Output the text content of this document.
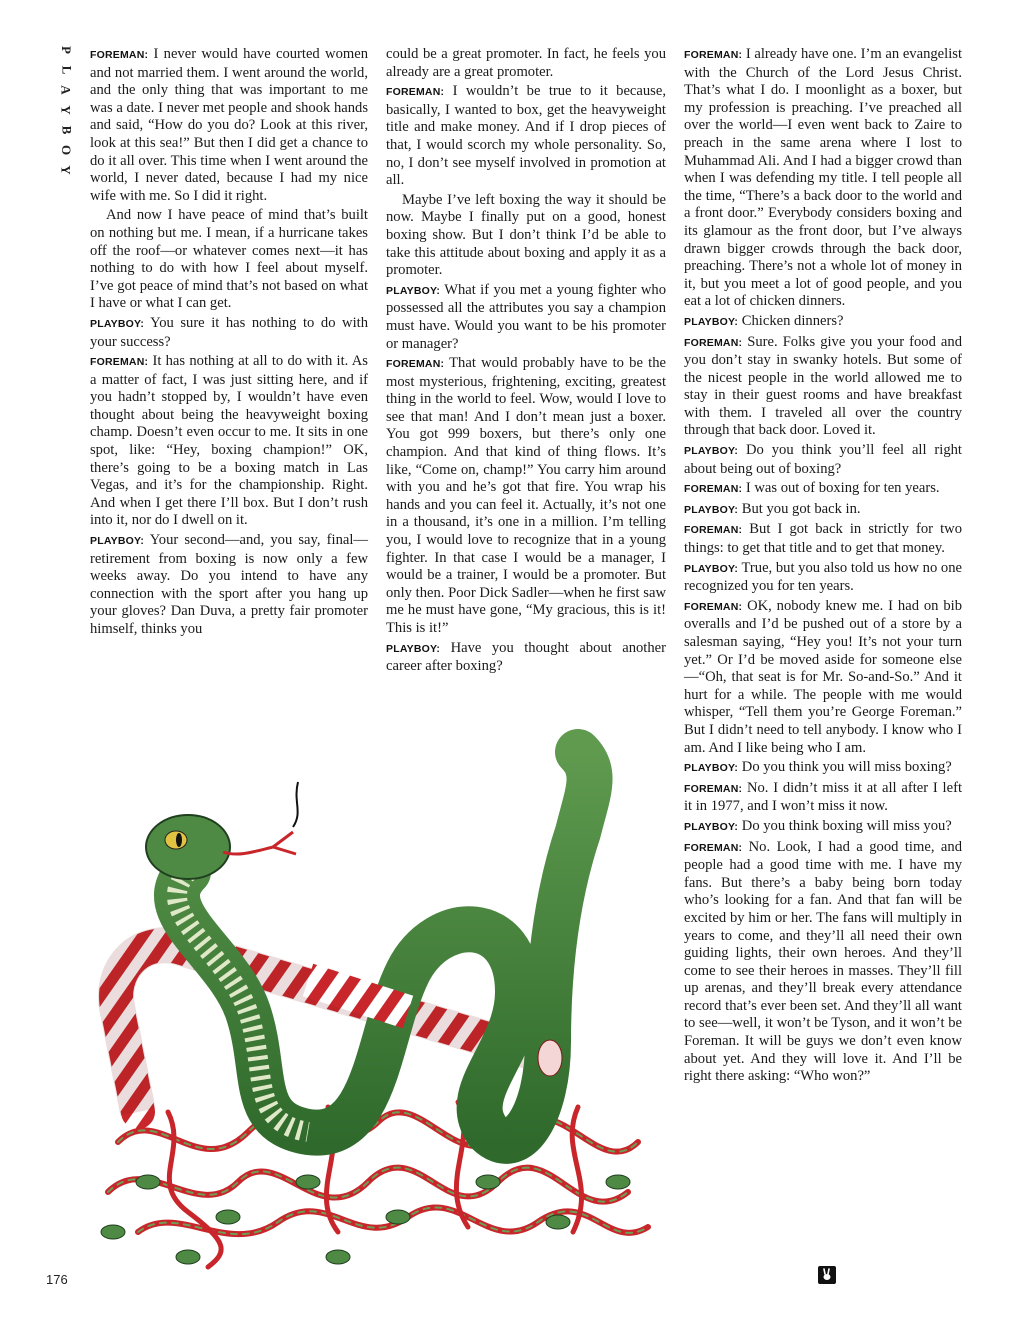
P
L
A
Y
B
O
Y

FOREMAN: I never would have courted women and not married them. I went around the world, and the only thing that was important to me was a date. I never met people and shook hands and said, “How do you do? Look at this river, look at this sea!” But then I did get a chance to do it all over. This time when I went around the world, I never dated, because I had my nice wife with me. So I did it right.

And now I have peace of mind that’s built on nothing but me. I mean, if a hurricane takes off the roof—or whatever comes next—it has nothing to do with how I feel about myself. I’ve got peace of mind that’s not based on what I have or what I can get.

PLAYBOY: You sure it has nothing to do with your success?

FOREMAN: It has nothing at all to do with it. As a matter of fact, I was just sitting here, and if you hadn’t stopped by, I wouldn’t have even thought about being the heavyweight boxing champ. Doesn’t even occur to me. It sits in one spot, like: “Hey, boxing champion!” OK, there’s going to be a boxing match in Las Vegas, and it’s for the championship. Right. And when I get there I’ll box. But I don’t rush into it, nor do I dwell on it.

PLAYBOY: Your second—and, you say, final—retirement from boxing is now only a few weeks away. Do you intend to have any connection with the sport after you hang up your gloves? Dan Duva, a pretty fair promoter himself, thinks you

could be a great promoter. In fact, he feels you already are a great promoter.

FOREMAN: I wouldn’t be true to it because, basically, I wanted to box, get the heavyweight title and make money. And if I drop pieces of that, I would scorch my whole personality. So, no, I don’t see myself involved in promotion at all.

Maybe I’ve left boxing the way it should be now. Maybe I finally put on a good, honest boxing show. But I don’t think I’d be able to take this attitude about boxing and apply it as a promoter.

PLAYBOY: What if you met a young fighter who possessed all the attributes you say a champion must have. Would you want to be his promoter or manager?

FOREMAN: That would probably have to be the most mysterious, frightening, exciting, greatest thing in the world to feel. Wow, would I love to see that man! And I don’t mean just a boxer. You got 999 boxers, but there’s only one champion. And that kind of thing flows. It’s like, “Come on, champ!” You carry him around with you and he’s got that fire. You wrap his hands and you can feel it. Actually, it’s not one in a thousand, it’s one in a million. I’m telling you, I would love to recognize that in a young fighter. In that case I would be a manager, I would be a trainer, I would be a promoter. But only then. Poor Dick Sadler—when he first saw me he must have gone, “My gracious, this is it! This is it!”

PLAYBOY: Have you thought about another career after boxing?

FOREMAN: I already have one. I’m an evangelist with the Church of the Lord Jesus Christ. That’s what I do. I moonlight as a boxer, but my profession is preaching. I’ve preached all over the world—I even went back to Zaire to preach in the same arena where I lost to Muhammad Ali. And I had a bigger crowd than when I was defending my title. I tell people all the time, “There’s a back door to the world and a front door.” Everybody considers boxing and its glamour as the front door, but I’ve always drawn bigger crowds through the back door, preaching. There’s not a whole lot of money in it, but you meet a lot of good people, and you eat a lot of chicken dinners.

PLAYBOY: Chicken dinners?

FOREMAN: Sure. Folks give you your food and you don’t stay in swanky hotels. But some of the nicest people in the world allowed me to stay in their guest rooms and have breakfast with them. I traveled all over the country through that back door. Loved it.

PLAYBOY: Do you think you’ll feel all right about being out of boxing?

FOREMAN: I was out of boxing for ten years.

PLAYBOY: But you got back in.

FOREMAN: But I got back in strictly for two things: to get that title and to get that money.

PLAYBOY: True, but you also told us how no one recognized you for ten years.

FOREMAN: OK, nobody knew me. I had on bib overalls and I’d be pushed out of a store by a salesman saying, “Hey you! It’s not your turn yet.” Or I’d be moved aside for someone else—“Oh, that seat is for Mr. So-and-So.” And it hurt for a while. The people with me would whisper, “Tell them you’re George Foreman.” But I didn’t need to tell anybody. I know who I am. And I like being who I am.

PLAYBOY: Do you think you will miss boxing?

FOREMAN: No. I didn’t miss it at all after I left it in 1977, and I won’t miss it now.

PLAYBOY: Do you think boxing will miss you?

FOREMAN: No. Look, I had a good time, and people had a good time with me. I have my fans. But there’s a baby being born today who’s looking for a fan. And that fan will be excited by him or her. The fans will multiply in years to come, and they’ll all need their own guiding lights, their own heroes. And they’ll come to see their heroes in masses. They’ll fill up arenas, and they’ll break every attendance record that’s ever been set. And they’ll all want to see—well, it won’t be Tyson, and it won’t be Foreman. It will be guys we don’t even know about yet. And they will love it. And I’ll be right there asking: “Who won?”

176
